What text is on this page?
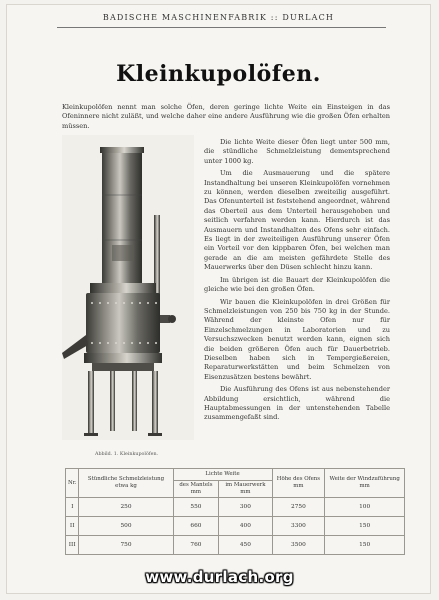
BADISCHE MASCHINENFABRIK :: DURLACH
Kleinkupolöfen.
Kleinkupolöfen nennt man solche Öfen, deren geringe lichte Weite ein Einsteigen in das Ofeninnere nicht zuläßt, und welche daher eine andere Ausführung wie die großen Öfen erhalten müssen.
Abbild. 1. Kleinkupolöfen.

Die lichte Weite dieser Öfen liegt unter 500 mm, die stündliche Schmelzleistung dementsprechend unter 1000 kg.

Um die Ausmauerung und die spätere Instandhaltung bei unseren Kleinkupolöfen vornehmen zu können, werden dieselben zweiteilig ausgeführt. Das Ofenunterteil ist feststehend angeordnet, während das Oberteil aus dem Unterteil herausgehoben und seitlich verfahren werden kann. Hierdurch ist das Ausmauern und Instandhalten des Ofens sehr einfach. Es liegt in der zweiteiligen Ausführung unserer Öfen ein Vorteil vor den kippbaren Öfen, bei welchen man gerade an die am meisten gefährdete Stelle des Mauerwerks über den Düsen schlecht hinzu kann.

Im übrigen ist die Bauart der Kleinkupolöfen die gleiche wie bei den großen Öfen.

Wir bauen die Kleinkupolöfen in drei Größen für Schmelzleistungen von 250 bis 750 kg in der Stunde. Während der kleinste Ofen nur für Einzelschmelzungen in Laboratorien und zu Versuchszwecken benutzt werden kann, eignen sich die beiden größeren Öfen auch für Dauerbetrieb. Dieselben haben sich in Tempergießereien, Reparaturwerkstätten und beim Schmelzen von Eisenzusätzen bestens bewährt.

Die Ausführung des Ofens ist aus nebenstehender Abbildung ersichtlich, während die Hauptabmessungen in der untenstehenden Tabelle zusammengefaßt sind.

Nr.	Stündliche Schmelzleistung etwa kg	Lichte Weite		Höhe des Ofens mm	Weite der Windzuführung mm
		des Mantels mm	im Mauerwerk mm		
I	250	550	300	2750	100
II	500	660	400	3300	150
III	750	760	450	3500	150
www.durlach.org
